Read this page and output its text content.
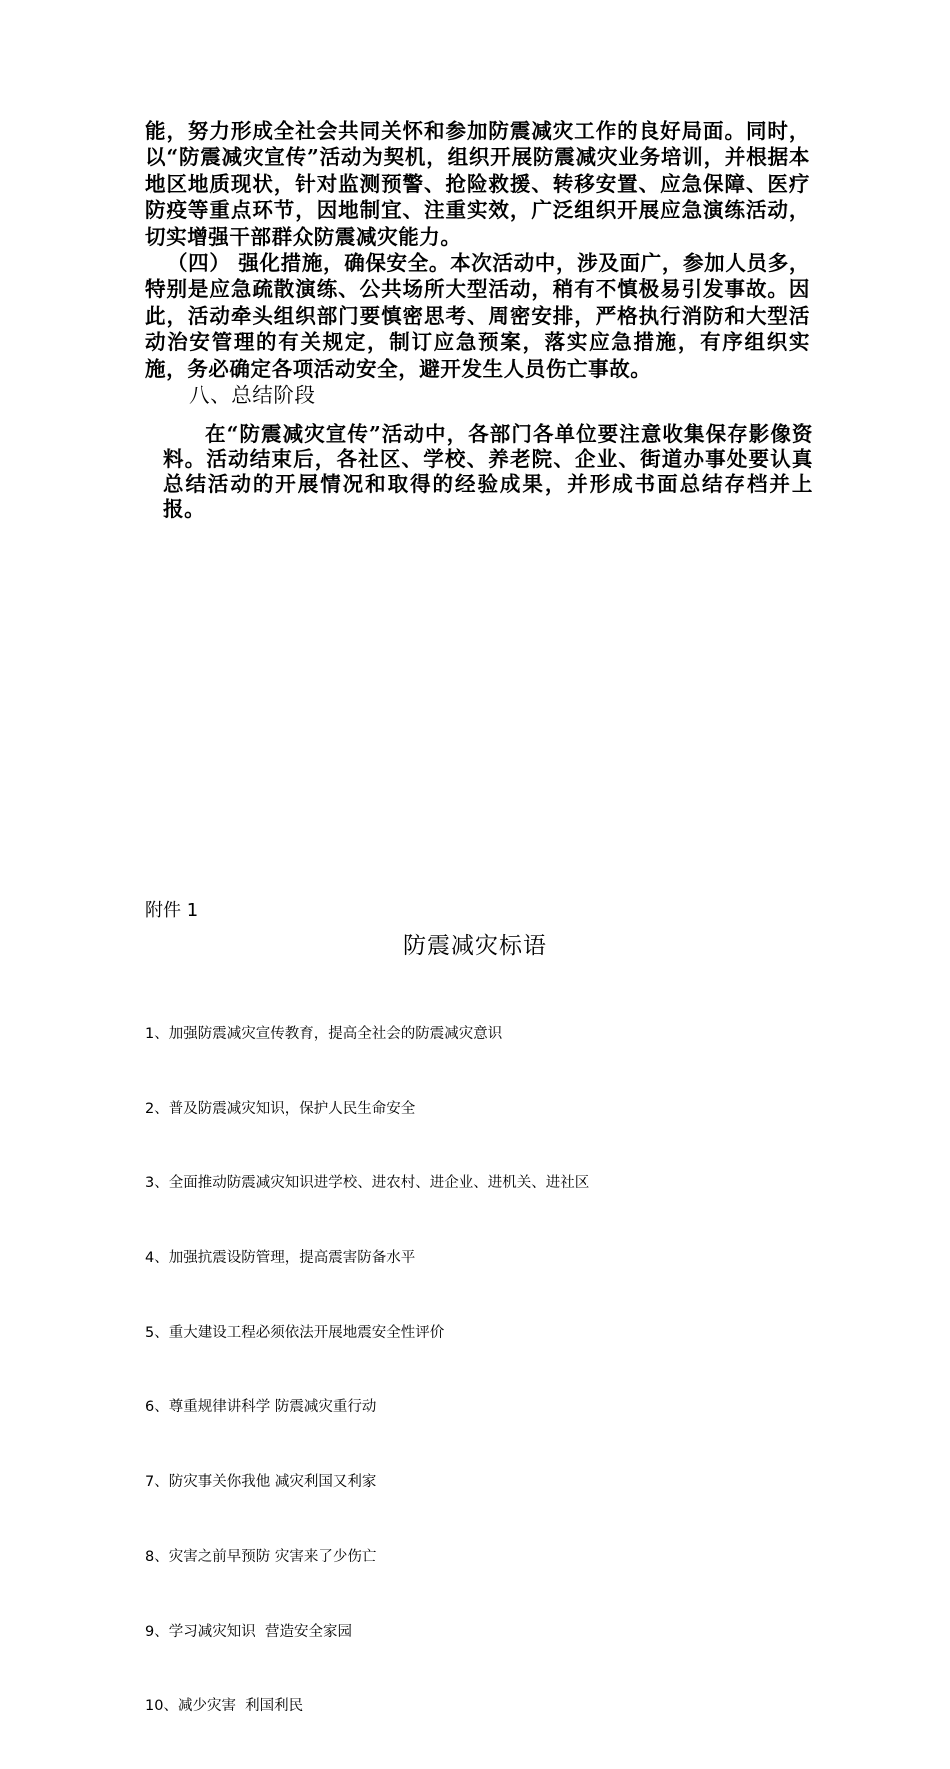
能，努力形成全社会共同关怀和参加防震减灾工作的良好局面。同时，以“防震减灾宣传”活动为契机，组织开展防震减灾业务培训，并根据本地区地质现状，针对监测预警、抢险救援、转移安置、应急保障、医疗防疫等重点环节，因地制宜、注重实效，广泛组织开展应急演练活动，切实增强干部群众防震减灾能力。

（四） 强化措施，确保安全。本次活动中，涉及面广，参加人员多，特别是应急疏散演练、公共场所大型活动，稍有不慎极易引发事故。因此，活动牵头组织部门要慎密思考、周密安排，严格执行消防和大型活动治安管理的有关规定，制订应急预案，落实应急措施，有序组织实施，务必确定各项活动安全，避开发生人员伤亡事故。

八、总结阶段

在“防震减灾宣传”活动中，各部门各单位要注意收集保存影像资料。活动结束后，各社区、学校、养老院、企业、街道办事处要认真总结活动的开展情况和取得的经验成果，并形成书面总结存档并上报。

附件 1
防震减灾标语

1、加强防震减灾宣传教育，提高全社会的防震减灾意识

2、普及防震减灾知识，保护人民生命安全

3、全面推动防震减灾知识进学校、进农村、进企业、进机关、进社区

4、加强抗震设防管理，提高震害防备水平

5、重大建设工程必须依法开展地震安全性评价

6、尊重规律讲科学 防震减灾重行动

7、防灾事关你我他 减灾利国又利家

8、灾害之前早预防 灾害来了少伤亡

9、学习减灾知识  营造安全家园

10、减少灾害  利国利民
